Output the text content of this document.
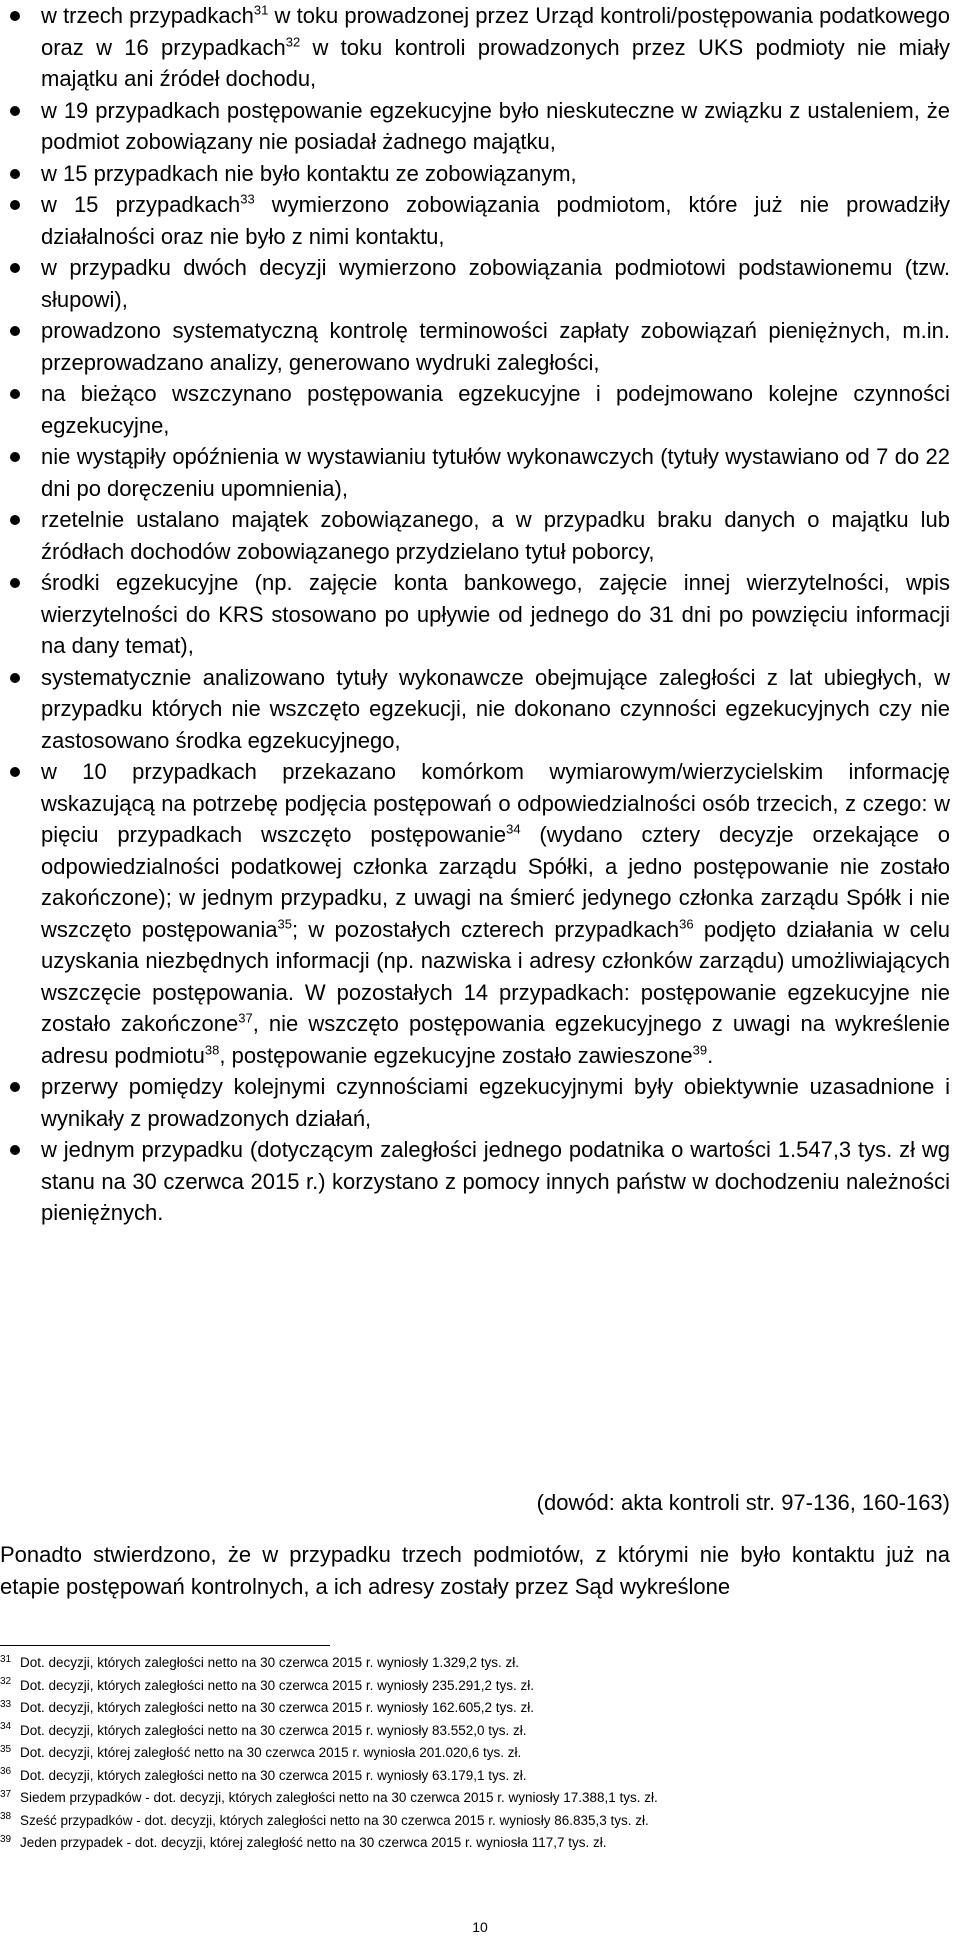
w trzech przypadkach$^{31}$ w toku prowadzonej przez Urząd kontroli/postępowania podatkowego oraz w 16 przypadkach$^{32}$ w toku kontroli prowadzonych przez UKS podmioty nie miały majątku ani źródeł dochodu,
w 19 przypadkach postępowanie egzekucyjne było nieskuteczne w związku z ustaleniem, że podmiot zobowiązany nie posiadał żadnego majątku,
w 15 przypadkach nie było kontaktu ze zobowiązanym,
w 15 przypadkach$^{33}$ wymierzono zobowiązania podmiotom, które już nie prowadziły działalności oraz nie było z nimi kontaktu,
w przypadku dwóch decyzji wymierzono zobowiązania podmiotowi podstawionemu (tzw. słupowi),
prowadzono systematyczną kontrolę terminowości zapłaty zobowiązań pieniężnych, m.in. przeprowadzano analizy, generowano wydruki zaległości,
na bieżąco wszczynano postępowania egzekucyjne i podejmowano kolejne czynności egzekucyjne,
nie wystąpiły opóźnienia w wystawianiu tytułów wykonawczych (tytuły wystawiano od 7 do 22 dni po doręczeniu upomnienia),
rzetelnie ustalano majątek zobowiązanego, a w przypadku braku danych o majątku lub źródłach dochodów zobowiązanego przydzielano tytuł poborcy,
środki egzekucyjne (np. zajęcie konta bankowego, zajęcie innej wierzytelności, wpis wierzytelności do KRS stosowano po upływie od jednego do 31 dni po powzięciu informacji na dany temat),
systematycznie analizowano tytuły wykonawcze obejmujące zaległości z lat ubiegłych, w przypadku których nie wszczęto egzekucji, nie dokonano czynności egzekucyjnych czy nie zastosowano środka egzekucyjnego,
w 10 przypadkach przekazano komórkom wymiarowym/wierzycielskim informację wskazującą na potrzebę podjęcia postępowań o odpowiedzialności osób trzecich, z czego: w pięciu przypadkach wszczęto postępowanie$^{34}$ (wydano cztery decyzje orzekające o odpowiedzialności podatkowej członka zarządu Spółki, a jedno postępowanie nie zostało zakończone); w jednym przypadku, z uwagi na śmierć jedynego członka zarządu Spółk i nie wszczęto postępowania$^{35}$; w pozostałych czterech przypadkach$^{36}$ podjęto działania w celu uzyskania niezbędnych informacji (np. nazwiska i adresy członków zarządu) umożliwiających wszczęcie postępowania. W pozostałych 14 przypadkach: postępowanie egzekucyjne nie zostało zakończone$^{37}$, nie wszczęto postępowania egzekucyjnego z uwagi na wykreślenie adresu podmiotu$^{38}$, postępowanie egzekucyjne zostało zawieszone$^{39}$.
przerwy pomiędzy kolejnymi czynnościami egzekucyjnymi były obiektywnie uzasadnione i wynikały z prowadzonych działań,
w jednym przypadku (dotyczącym zaległości jednego podatnika o wartości 1.547,3 tys. zł wg stanu na 30 czerwca 2015 r.) korzystano z pomocy innych państw w dochodzeniu należności pieniężnych.
(dowód: akta kontroli str. 97-136, 160-163)

Ponadto stwierdzono, że w przypadku trzech podmiotów, z którymi nie było kontaktu już na etapie postępowań kontrolnych, a ich adresy zostały przez Sąd wykreślone

31 Dot. decyzji, których zaległości netto na 30 czerwca 2015 r. wyniosły 1.329,2 tys. zł.
32 Dot. decyzji, których zaległości netto na 30 czerwca 2015 r. wyniosły 235.291,2 tys. zł.
33 Dot. decyzji, których zaległości netto na 30 czerwca 2015 r. wyniosły 162.605,2 tys. zł.
34 Dot. decyzji, których zaległości netto na 30 czerwca 2015 r. wyniosły 83.552,0 tys. zł.
35 Dot. decyzji, której zaległość netto na 30 czerwca 2015 r. wyniosła 201.020,6 tys. zł.
36 Dot. decyzji, których zaległości netto na 30 czerwca 2015 r. wyniosły 63.179,1 tys. zł.
37 Siedem przypadków - dot. decyzji, których zaległości netto na 30 czerwca 2015 r. wyniosły 17.388,1 tys. zł.
38 Sześć przypadków - dot. decyzji, których zaległości netto na 30 czerwca 2015 r. wyniosły 86.835,3 tys. zł.
39 Jeden przypadek - dot. decyzji, której zaległość netto na 30 czerwca 2015 r. wyniosła 117,7 tys. zł.
10
